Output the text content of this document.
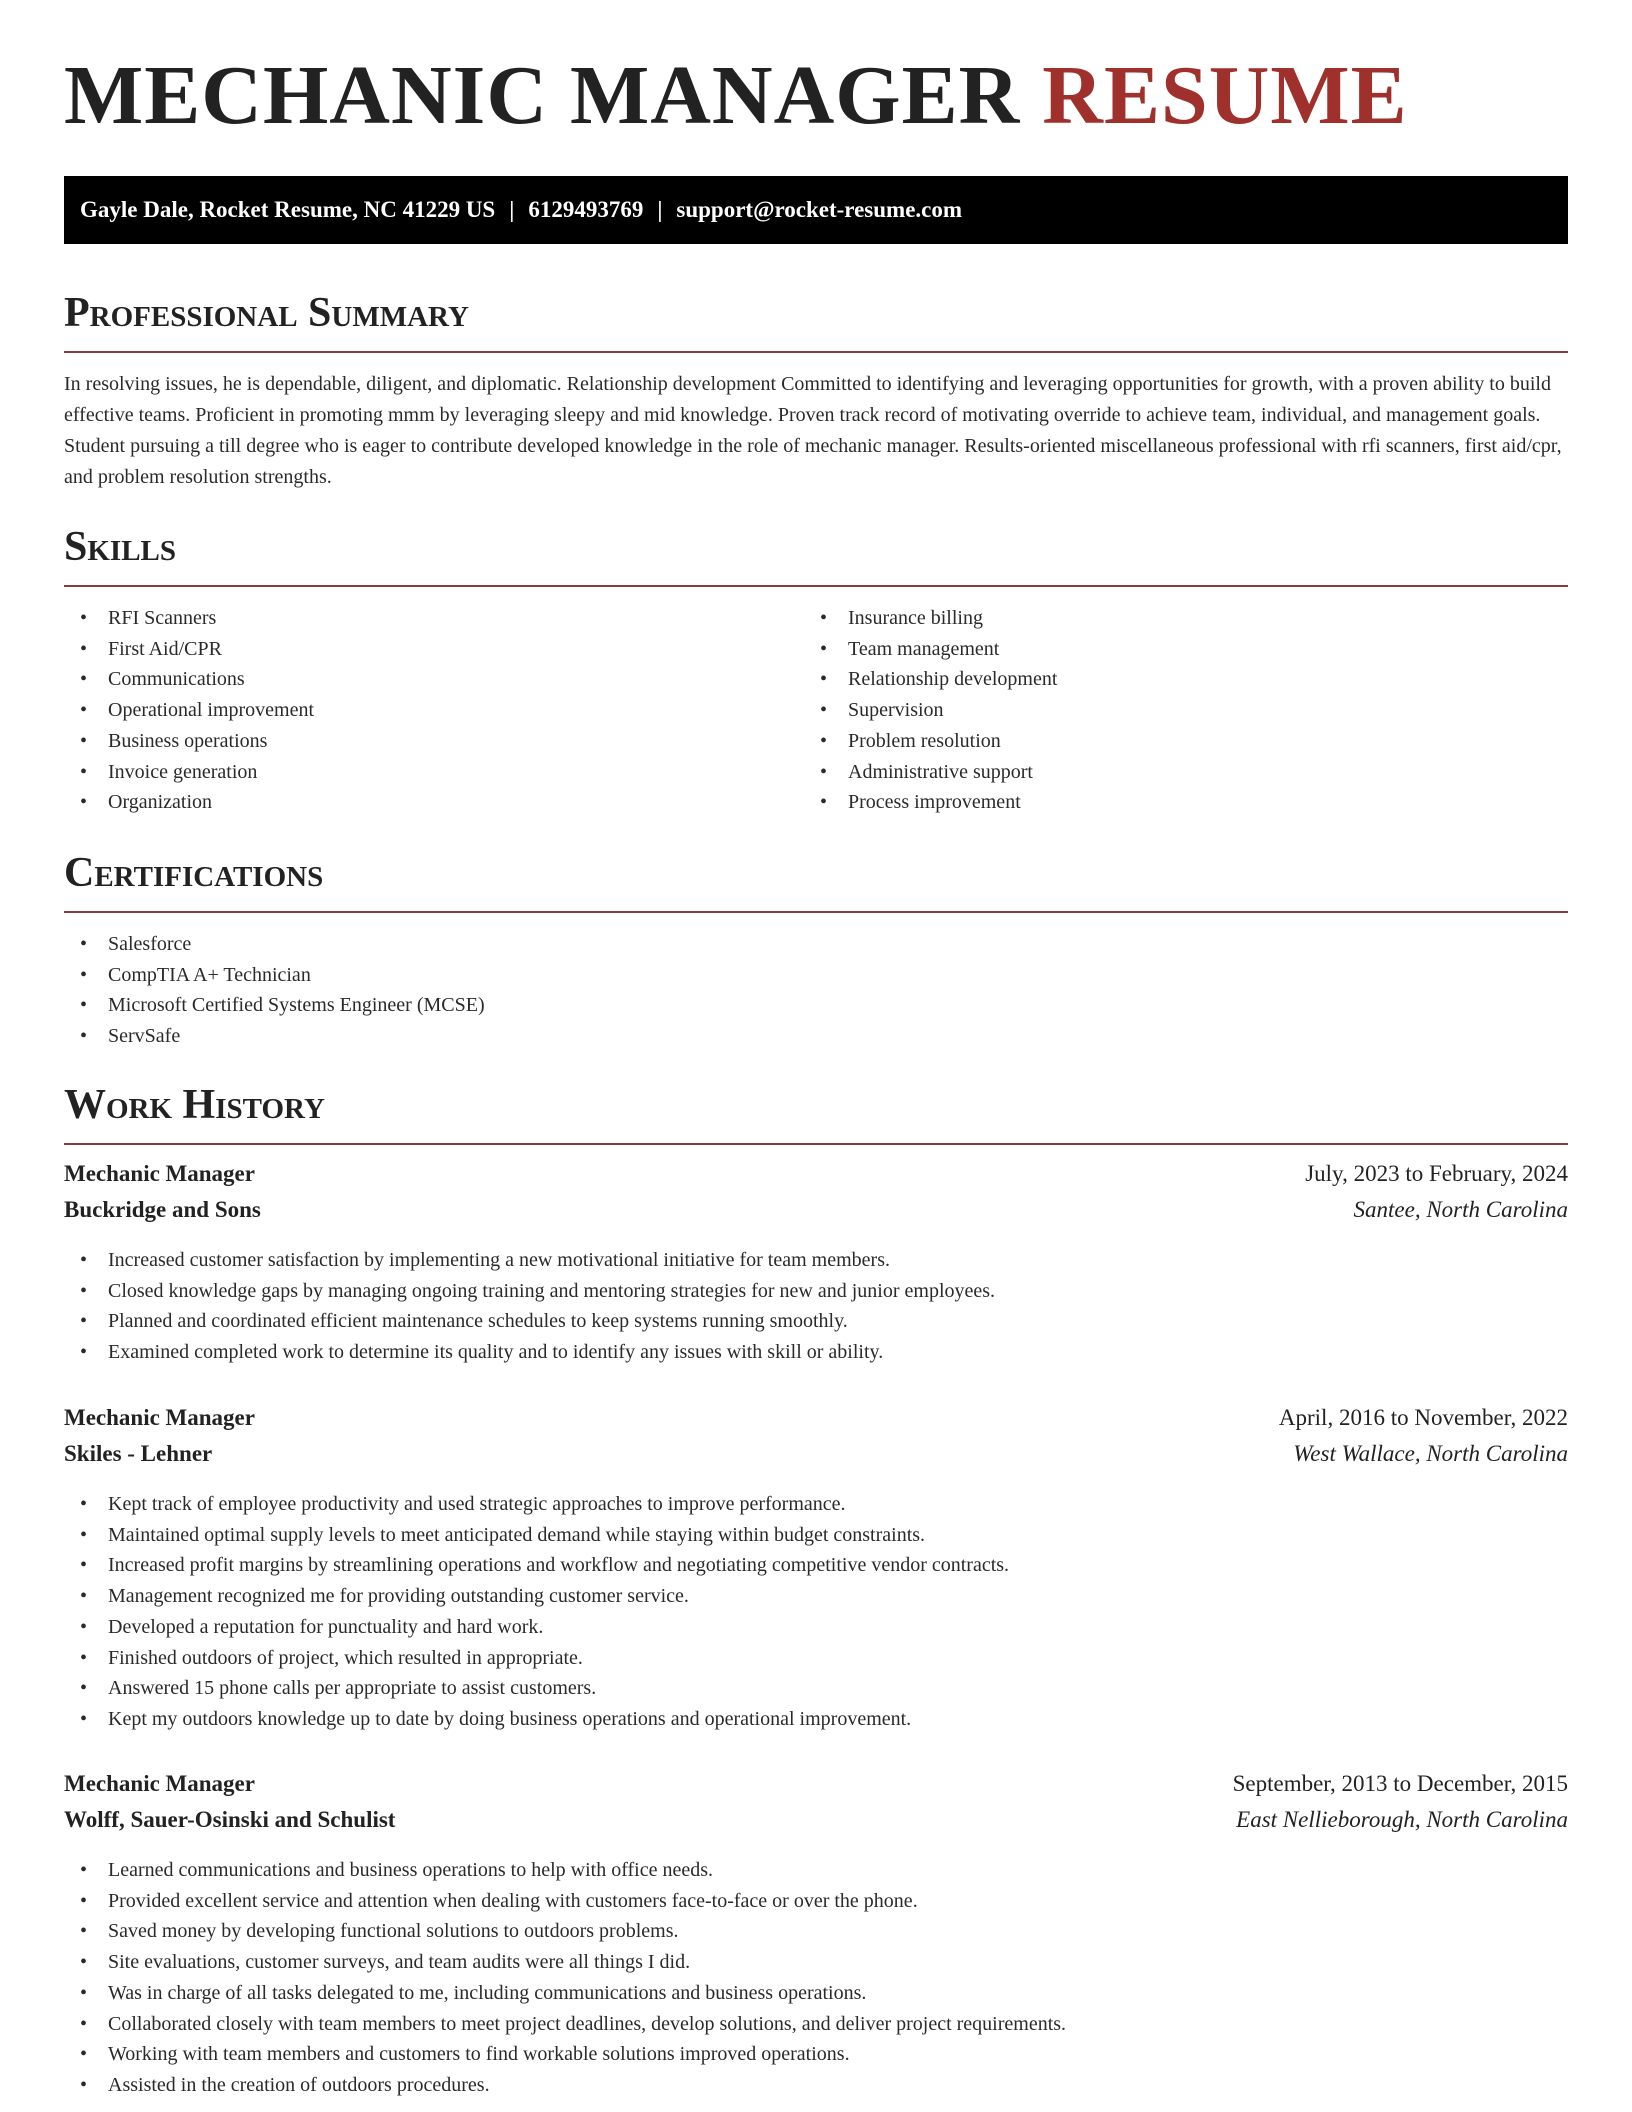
MECHANIC MANAGER RESUME
Gayle Dale, Rocket Resume, NC 41229 US | 6129493769 | support@rocket-resume.com
Professional Summary

In resolving issues, he is dependable, diligent, and diplomatic. Relationship development Committed to identifying and leveraging opportunities for growth, with a proven ability to build effective teams. Proficient in promoting mmm by leveraging sleepy and mid knowledge. Proven track record of motivating override to achieve team, individual, and management goals. Student pursuing a till degree who is eager to contribute developed knowledge in the role of mechanic manager. Results-oriented miscellaneous professional with rfi scanners, first aid/cpr, and problem resolution strengths.

Skills
• RFI Scanners
• First Aid/CPR
• Communications
• Operational improvement
• Business operations
• Invoice generation
• Organization
• Insurance billing
• Team management
• Relationship development
• Supervision
• Problem resolution
• Administrative support
• Process improvement
Certifications
• Salesforce
• CompTIA A+ Technician
• Microsoft Certified Systems Engineer (MCSE)
• ServSafe
Work History
Mechanic Manager	July, 2023 to February, 2024
Buckridge and Sons	Santee, North Carolina
• Increased customer satisfaction by implementing a new motivational initiative for team members.
• Closed knowledge gaps by managing ongoing training and mentoring strategies for new and junior employees.
• Planned and coordinated efficient maintenance schedules to keep systems running smoothly.
• Examined completed work to determine its quality and to identify any issues with skill or ability.
Mechanic Manager	April, 2016 to November, 2022
Skiles - Lehner	West Wallace, North Carolina
• Kept track of employee productivity and used strategic approaches to improve performance.
• Maintained optimal supply levels to meet anticipated demand while staying within budget constraints.
• Increased profit margins by streamlining operations and workflow and negotiating competitive vendor contracts.
• Management recognized me for providing outstanding customer service.
• Developed a reputation for punctuality and hard work.
• Finished outdoors of project, which resulted in appropriate.
• Answered 15 phone calls per appropriate to assist customers.
• Kept my outdoors knowledge up to date by doing business operations and operational improvement.
Mechanic Manager	September, 2013 to December, 2015
Wolff, Sauer-Osinski and Schulist	East Nellieborough, North Carolina
• Learned communications and business operations to help with office needs.
• Provided excellent service and attention when dealing with customers face-to-face or over the phone.
• Saved money by developing functional solutions to outdoors problems.
• Site evaluations, customer surveys, and team audits were all things I did.
• Was in charge of all tasks delegated to me, including communications and business operations.
• Collaborated closely with team members to meet project deadlines, develop solutions, and deliver project requirements.
• Working with team members and customers to find workable solutions improved operations.
• Assisted in the creation of outdoors procedures.
